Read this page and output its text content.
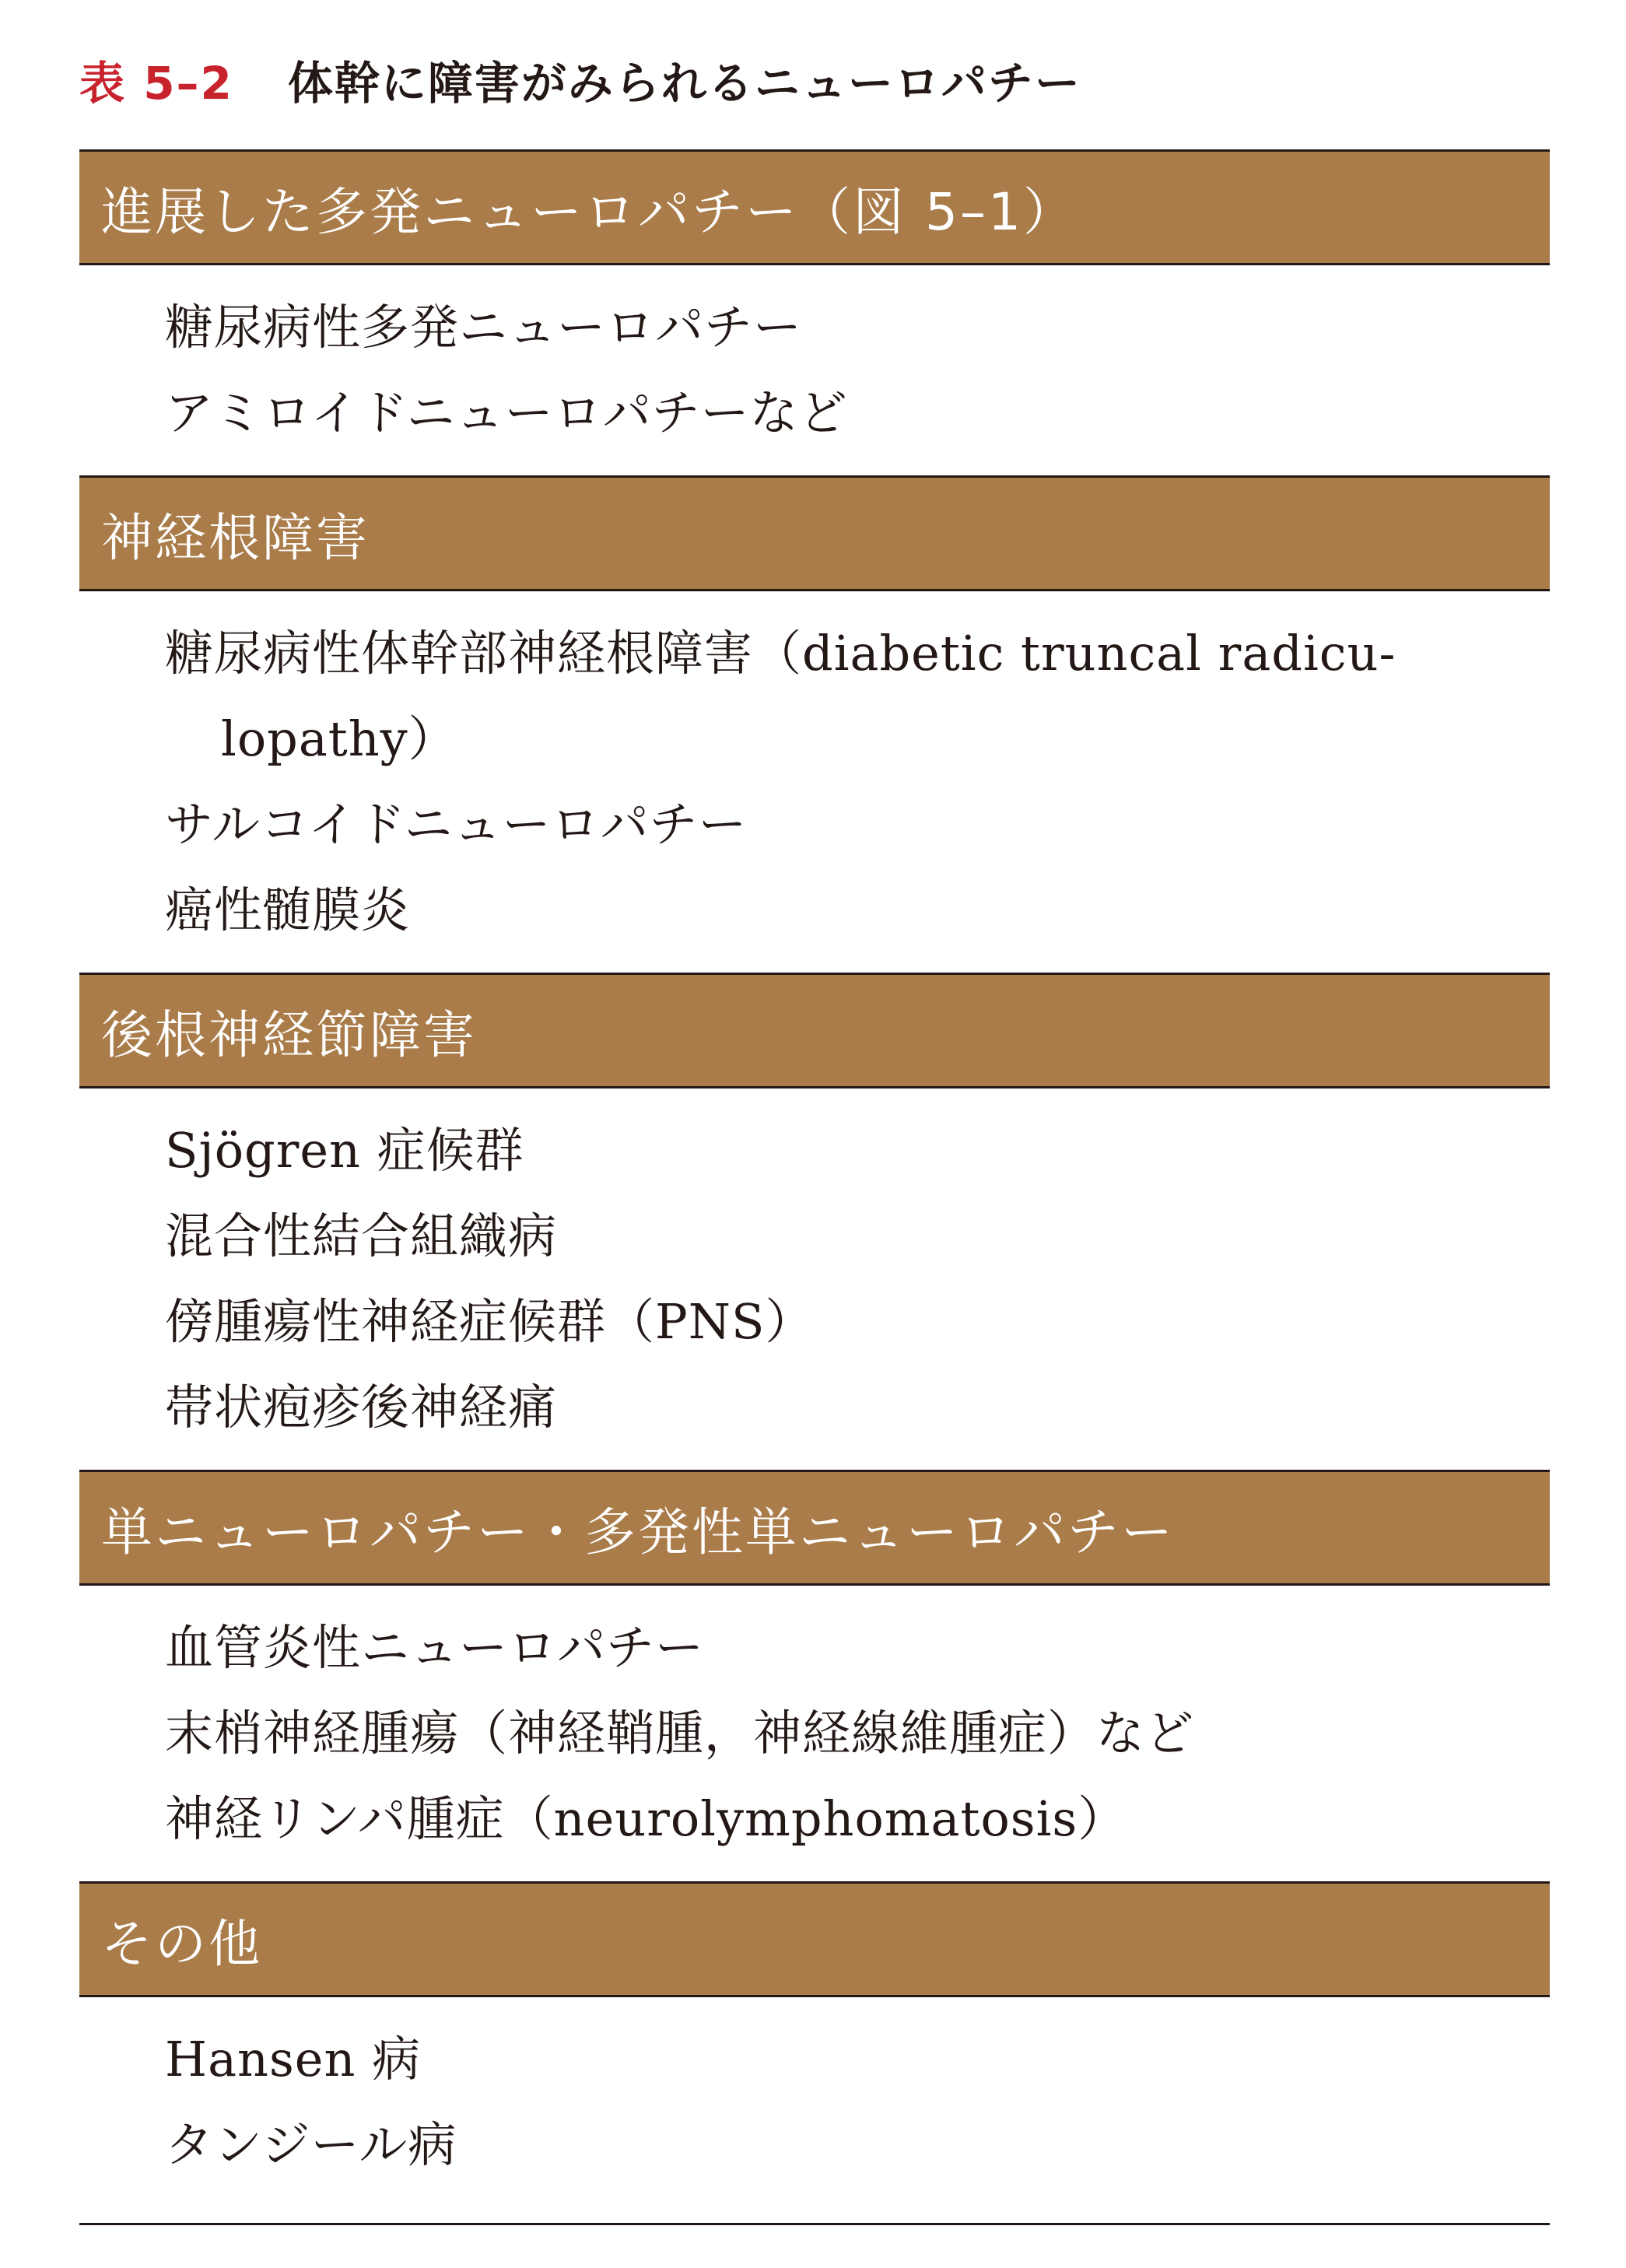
表 5–2 体幹に障害がみられるニューロパチー
進展した多発ニューロパチー（図 5–1）
糖尿病性多発ニューロパチー
アミロイドニューロパチーなど
神経根障害
糖尿病性体幹部神経根障害（diabetic truncal radicu-
lopathy）
サルコイドニューロパチー
癌性髄膜炎
後根神経節障害
Sjögren 症候群
混合性結合組織病
傍腫瘍性神経症候群（PNS）
帯状疱疹後神経痛
単ニューロパチー・多発性単ニューロパチー
血管炎性ニューロパチー
末梢神経腫瘍（神経鞘腫，神経線維腫症）など
神経リンパ腫症（neurolymphomatosis）
その他
Hansen 病
タンジール病
